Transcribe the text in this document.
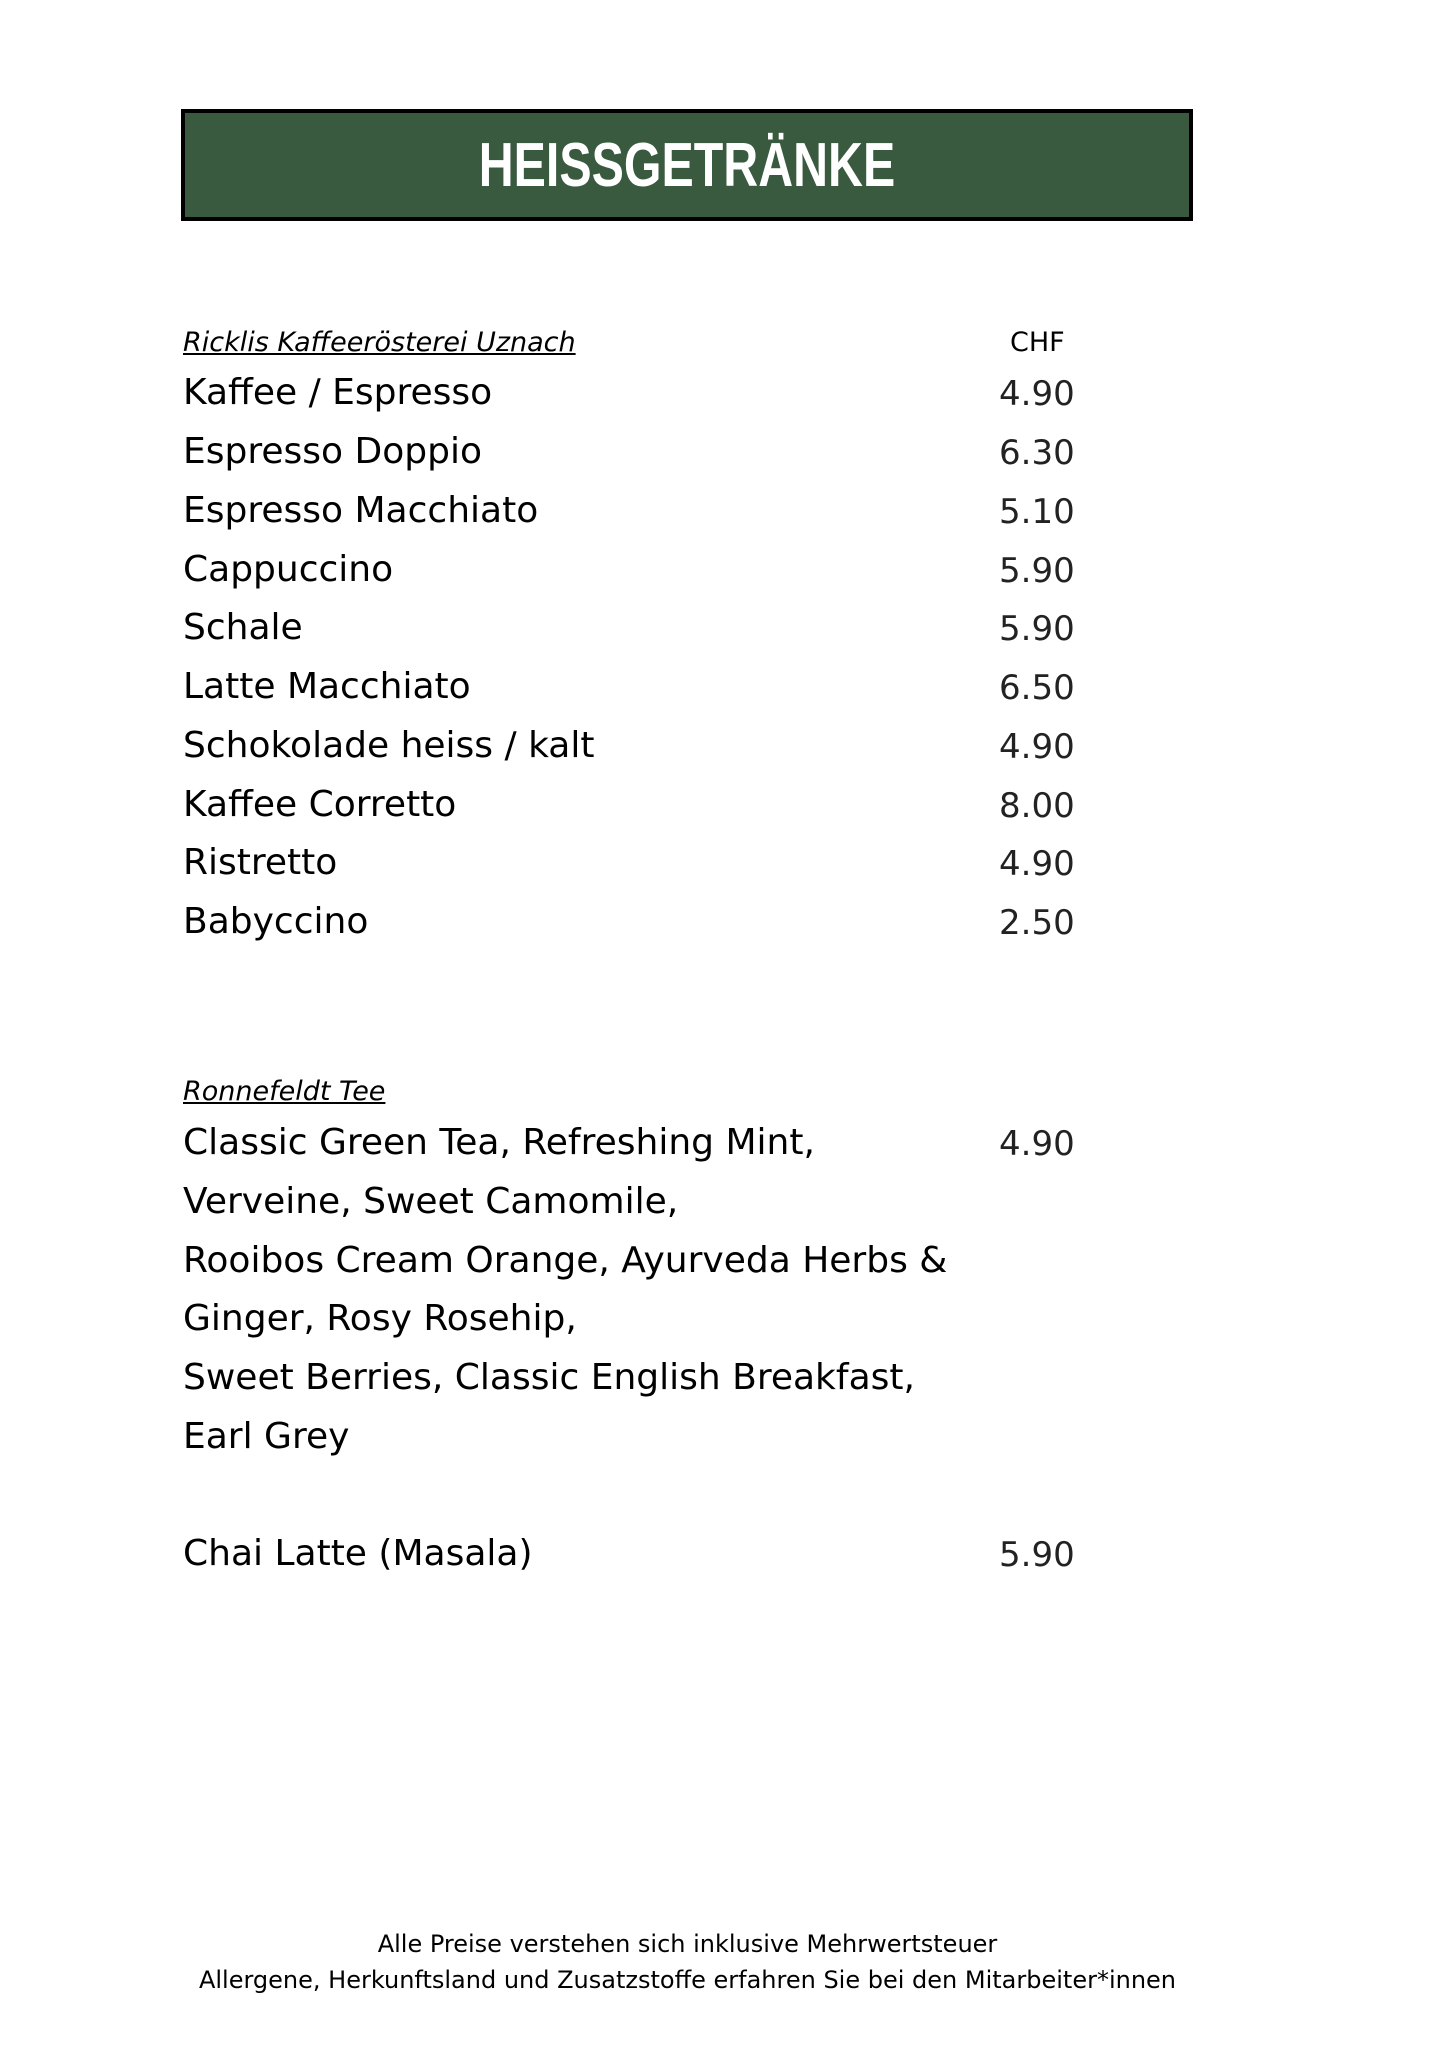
HEISSGETRÄNKE
Ricklis Kaffeerösterei Uznach	CHF
Kaffee / Espresso	4.90
Espresso Doppio	6.30
Espresso Macchiato	5.10
Cappuccino	5.90
Schale	5.90
Latte Macchiato	6.50
Schokolade heiss / kalt	4.90
Kaffee Corretto	8.00
Ristretto	4.90
Babyccino	2.50
Ronnefeldt Tee
Classic Green Tea, Refreshing Mint,	4.90
Verveine, Sweet Camomile,
Rooibos Cream Orange, Ayurveda Herbs &
Ginger, Rosy Rosehip,
Sweet Berries, Classic English Breakfast,
Earl Grey
Chai Latte (Masala)	5.90
Alle Preise verstehen sich inklusive Mehrwertsteuer
Allergene, Herkunftsland und Zusatzstoffe erfahren Sie bei den Mitarbeiter*innen
